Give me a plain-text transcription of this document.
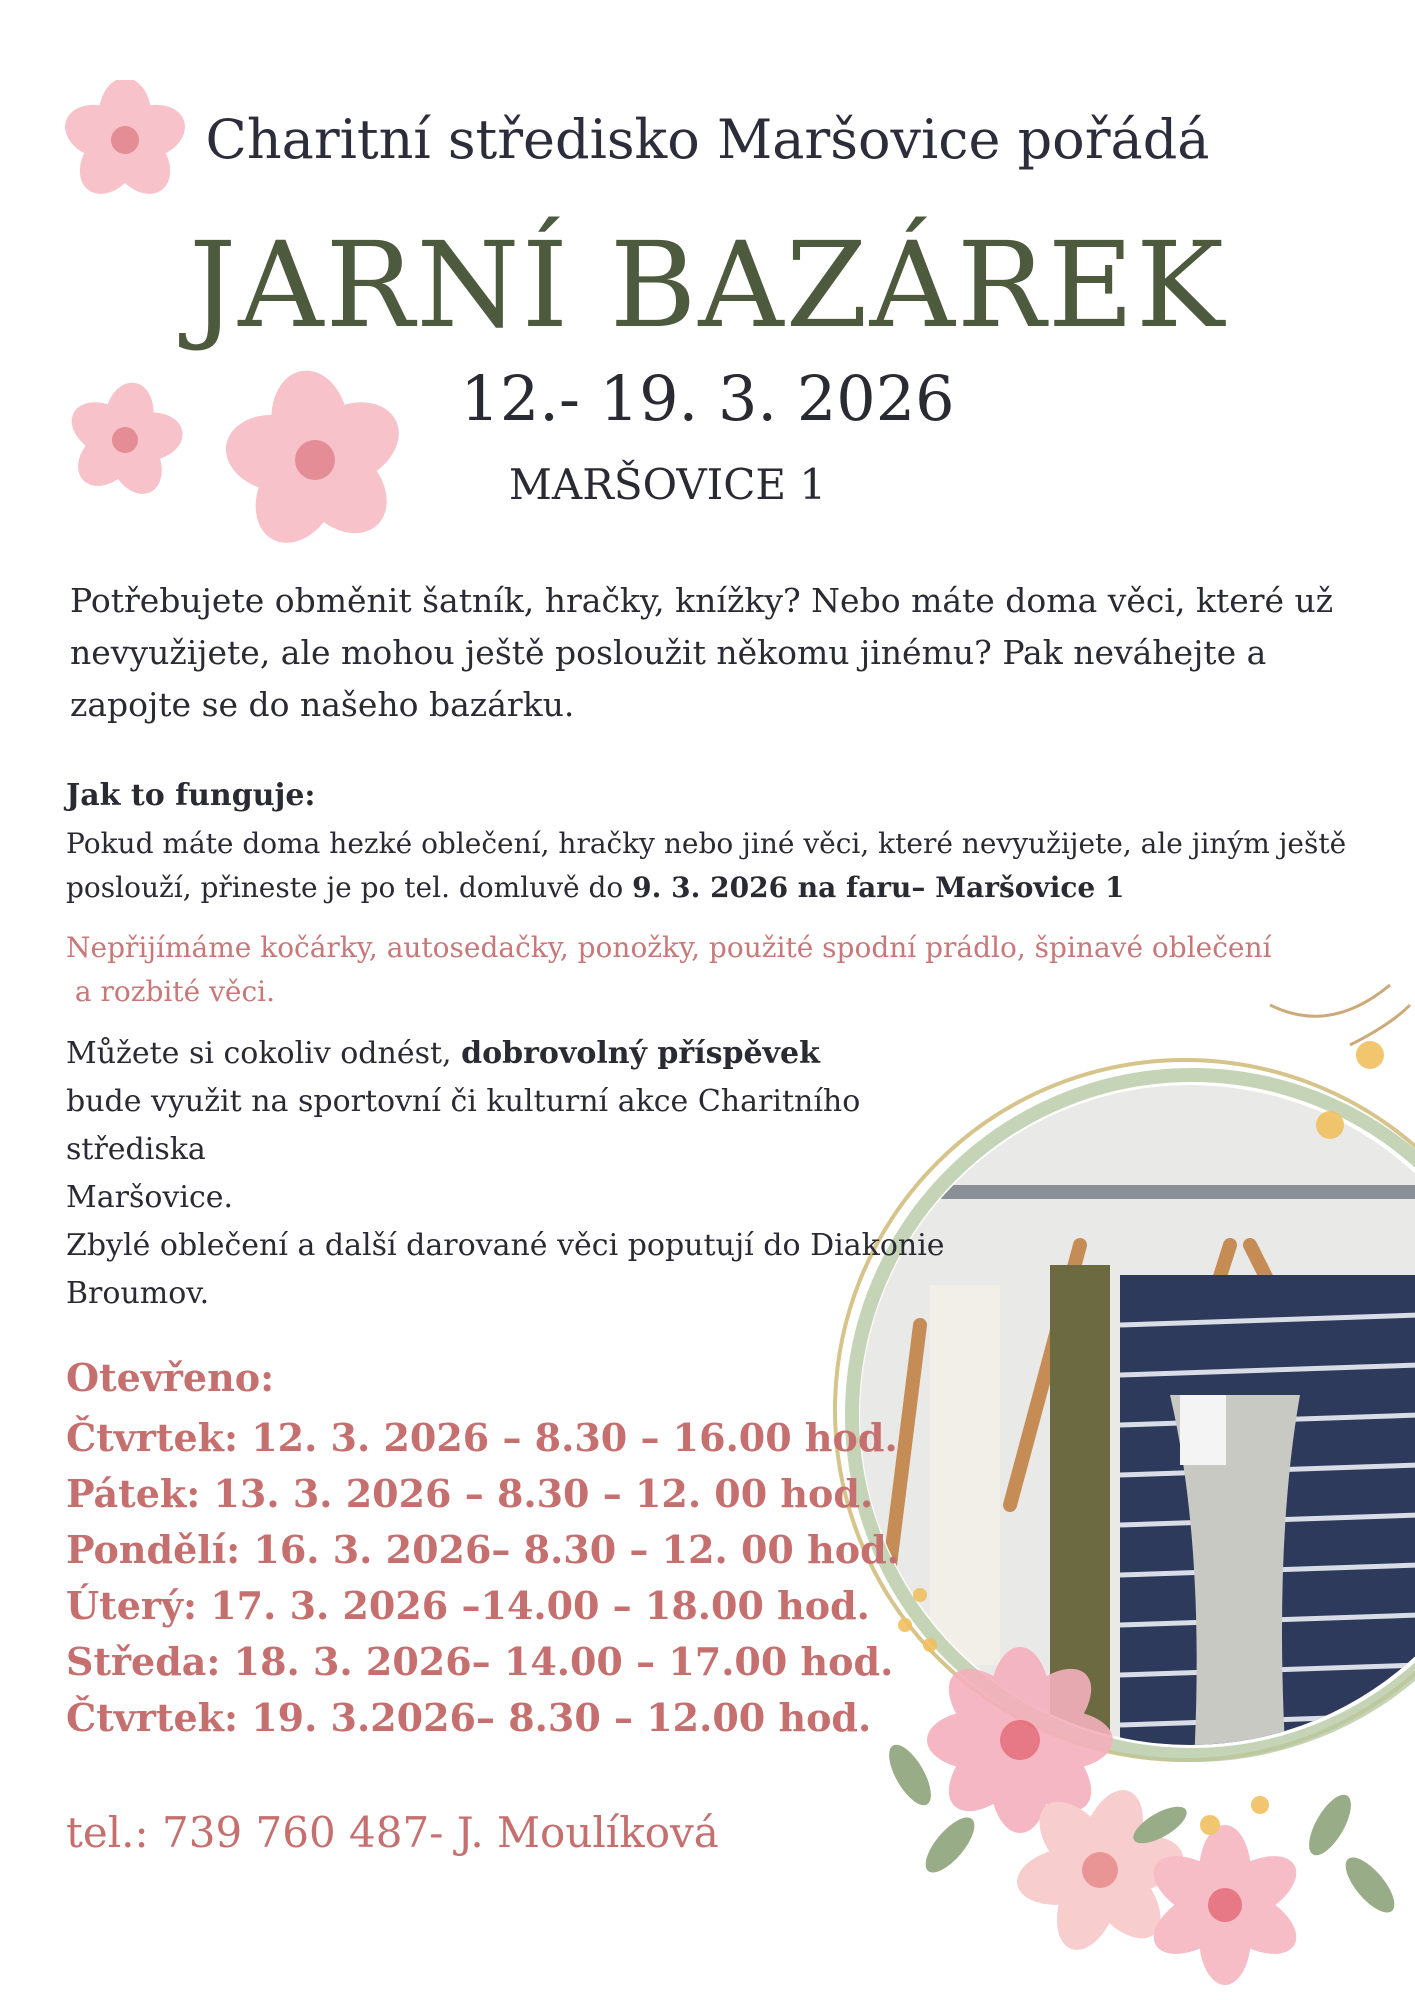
Charitní středisko Maršovice pořádá
JARNÍ BAZÁREK
12.- 19. 3. 2026
MARŠOVICE 1
Potřebujete obměnit šatník, hračky, knížky? Nebo máte doma věci, které už nevyužijete, ale mohou ještě posloužit někomu jinému? Pak neváhejte a zapojte se do našeho bazárku.
Jak to funguje:
Pokud máte doma hezké oblečení, hračky nebo jiné věci, které nevyužijete, ale jiným ještě poslouží, přineste je po tel. domluvě do 9. 3. 2026 na faru– Maršovice 1
Nepřijímáme kočárky, autosedačky, ponožky, použité spodní prádlo, špinavé oblečení
a rozbité věci.
Můžete si cokoliv odnést, dobrovolný příspěvek
bude využit na sportovní či kulturní akce Charitního střediska
Maršovice.
Zbylé oblečení a další darované věci poputují do Diakonie
Broumov.
Otevřeno:
Čtvrtek: 12. 3. 2026 – 8.30 – 16.00 hod.
Pátek: 13. 3. 2026 – 8.30 – 12. 00 hod.
Pondělí: 16. 3. 2026– 8.30 – 12. 00 hod.
Úterý: 17. 3. 2026 –14.00 – 18.00 hod.
Středa: 18. 3. 2026– 14.00 – 17.00 hod.
Čtvrtek: 19. 3.2026– 8.30 – 12.00 hod.
tel.: 739 760 487- J. Moulíková
